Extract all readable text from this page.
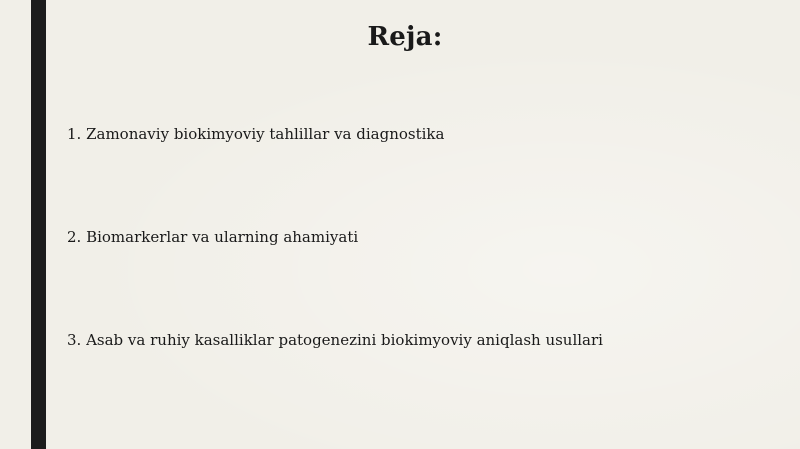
Reja:
1. Zamonaviy biokimyoviy tahlillar va diagnostika
2. Biomarkerlar va ularning ahamiyati
3. Asab va ruhiy kasalliklar patogenezini biokimyoviy aniqlash usullari
